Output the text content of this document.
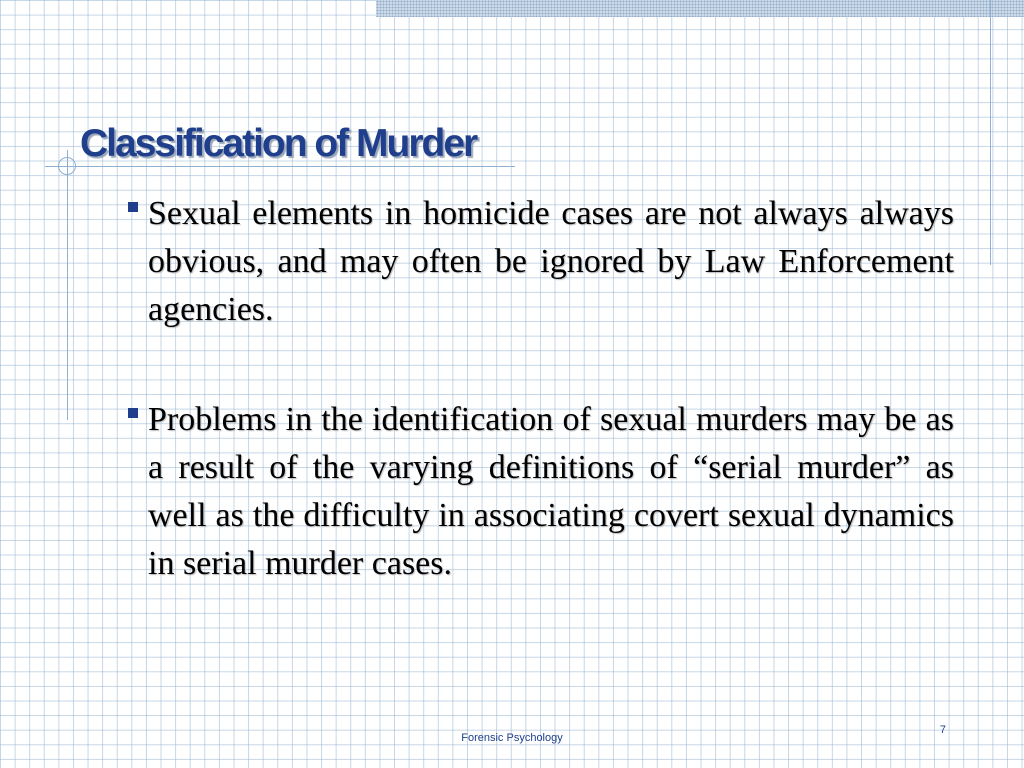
Classification of Murder

Sexual elements in homicide cases are not always always obvious, and may often be ignored by Law Enforcement agencies.

Problems in the identification of sexual murders may be as a result of the varying definitions of “serial murder” as well as the difficulty in associating covert sexual dynamics in serial murder cases.

Forensic Psychology
7
